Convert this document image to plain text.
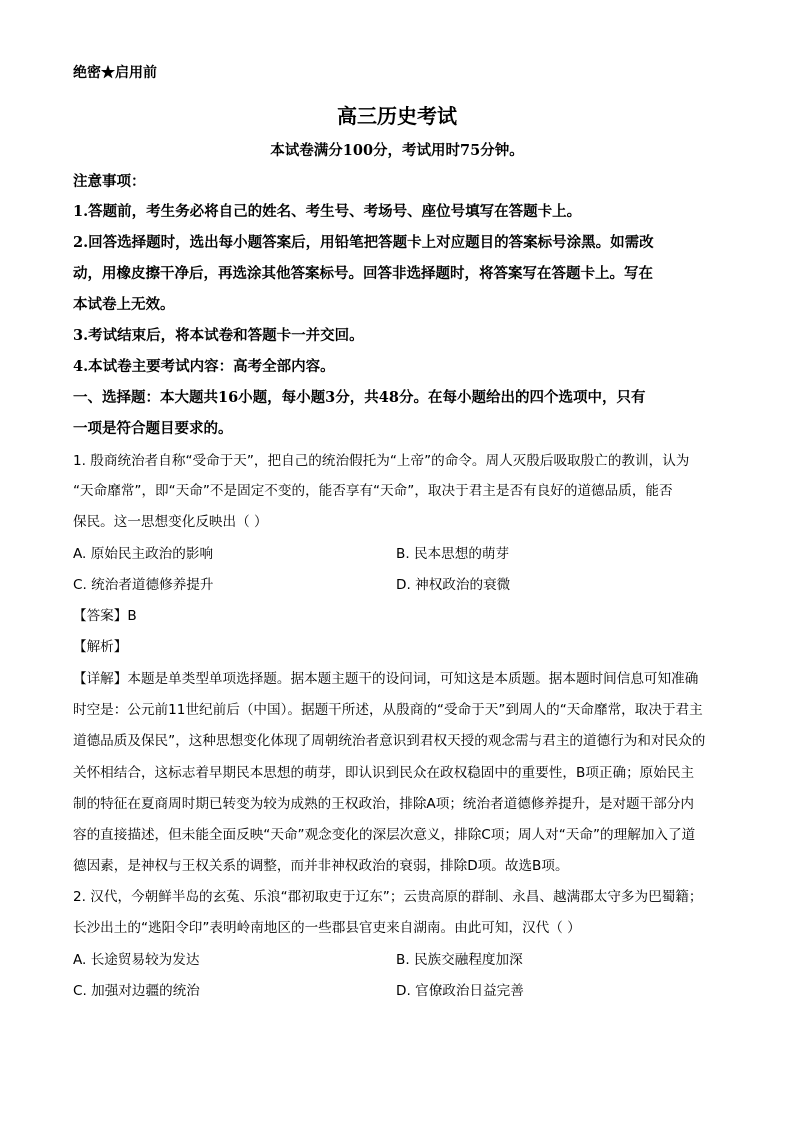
绝密★启用前
高三历史考试
本试卷满分100分，考试用时75分钟。
注意事项：
1.答题前，考生务必将自己的姓名、考生号、考场号、座位号填写在答题卡上。
2.回答选择题时，选出每小题答案后，用铅笔把答题卡上对应题目的答案标号涂黑。如需改
动，用橡皮擦干净后，再选涂其他答案标号。回答非选择题时，将答案写在答题卡上。写在
本试卷上无效。
3.考试结束后，将本试卷和答题卡一并交回。
4.本试卷主要考试内容：高考全部内容。
一、选择题：本大题共16小题，每小题3分，共48分。在每小题给出的四个选项中，只有
一项是符合题目要求的。
1. 殷商统治者自称“受命于天”，把自己的统治假托为“上帝”的命令。周人灭殷后吸取殷亡的教训，认为
“天命靡常”，即“天命”不是固定不变的，能否享有“天命”，取决于君主是否有良好的道德品质，能否
保民。这一思想变化反映出（ ）
A. 原始民主政治的影响	B. 民本思想的萌芽
C. 统治者道德修养提升	D. 神权政治的衰微
【答案】B
【解析】
【详解】本题是单类型单项选择题。据本题主题干的设问词，可知这是本质题。据本题时间信息可知准确
时空是：公元前11世纪前后（中国）。据题干所述，从殷商的“受命于天”到周人的“天命靡常，取决于君主
道德品质及保民”，这种思想变化体现了周朝统治者意识到君权天授的观念需与君主的道德行为和对民众的
关怀相结合，这标志着早期民本思想的萌芽，即认识到民众在政权稳固中的重要性，B项正确；原始民主
制的特征在夏商周时期已转变为较为成熟的王权政治，排除A项；统治者道德修养提升，是对题干部分内
容的直接描述，但未能全面反映“天命”观念变化的深层次意义，排除C项；周人对“天命”的理解加入了道
德因素，是神权与王权关系的调整，而并非神权政治的衰弱，排除D项。故选B项。
2. 汉代，今朝鲜半岛的玄菟、乐浪“郡初取吏于辽东”；云贵高原的群制、永昌、越满郡太守多为巴蜀籍；
长沙出土的“逃阳令印”表明岭南地区的一些郡县官吏来自湖南。由此可知，汉代（ ）
A. 长途贸易较为发达	B. 民族交融程度加深
C. 加强对边疆的统治	D. 官僚政治日益完善
